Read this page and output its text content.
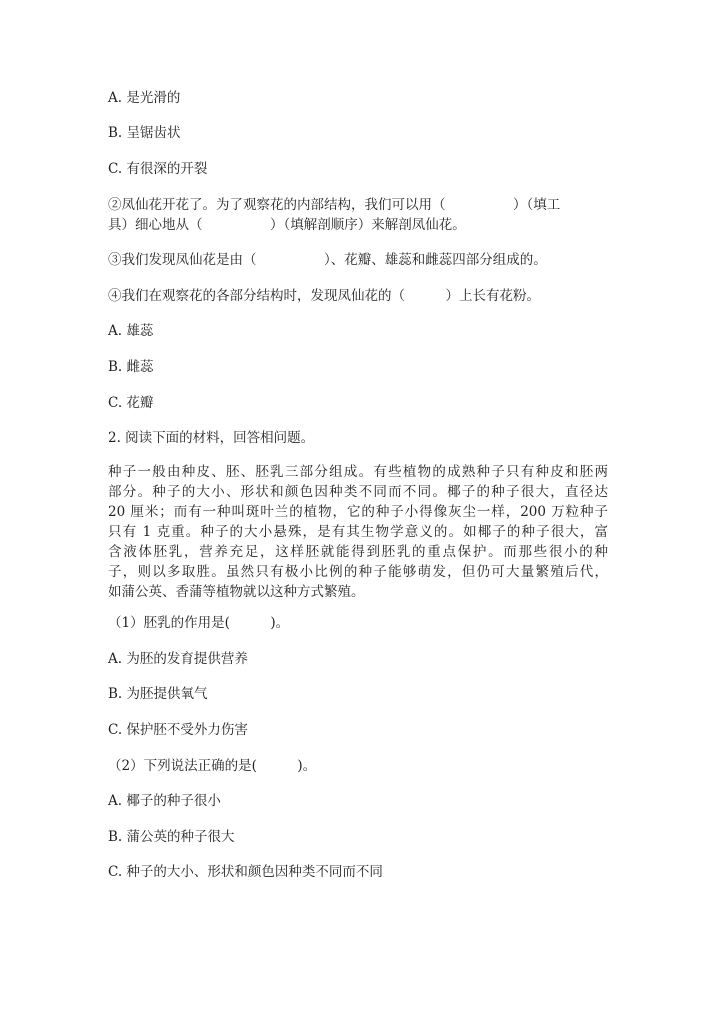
A. 是光滑的
B. 呈锯齿状
C. 有很深的开裂
②凤仙花开花了。为了观察花的内部结构，我们可以用（　　　　　）（填工
具）细心地从（　　　　　）（填解剖顺序）来解剖凤仙花。
③我们发现凤仙花是由（　　　　　）、花瓣、雄蕊和雌蕊四部分组成的。
④我们在观察花的各部分结构时，发现凤仙花的（　　　）上长有花粉。
A. 雄蕊
B. 雌蕊
C. 花瓣
2. 阅读下面的材料，回答相问题。
种子一般由种皮、胚、胚乳三部分组成。有些植物的成熟种子只有种皮和胚两
部分。种子的大小、形状和颜色因种类不同而不同。椰子的种子很大，直径达
20 厘米；而有一种叫斑叶兰的植物，它的种子小得像灰尘一样，200 万粒种子
只有 1 克重。种子的大小悬殊，是有其生物学意义的。如椰子的种子很大，富
含液体胚乳，营养充足，这样胚就能得到胚乳的重点保护。而那些很小的种
子，则以多取胜。虽然只有极小比例的种子能够萌发，但仍可大量繁殖后代，
如蒲公英、香蒲等植物就以这种方式繁殖。
（1）胚乳的作用是(　　　)。
A. 为胚的发育提供营养
B. 为胚提供氧气
C. 保护胚不受外力伤害
（2）下列说法正确的是(　　　)。
A. 椰子的种子很小
B. 蒲公英的种子很大
C. 种子的大小、形状和颜色因种类不同而不同
